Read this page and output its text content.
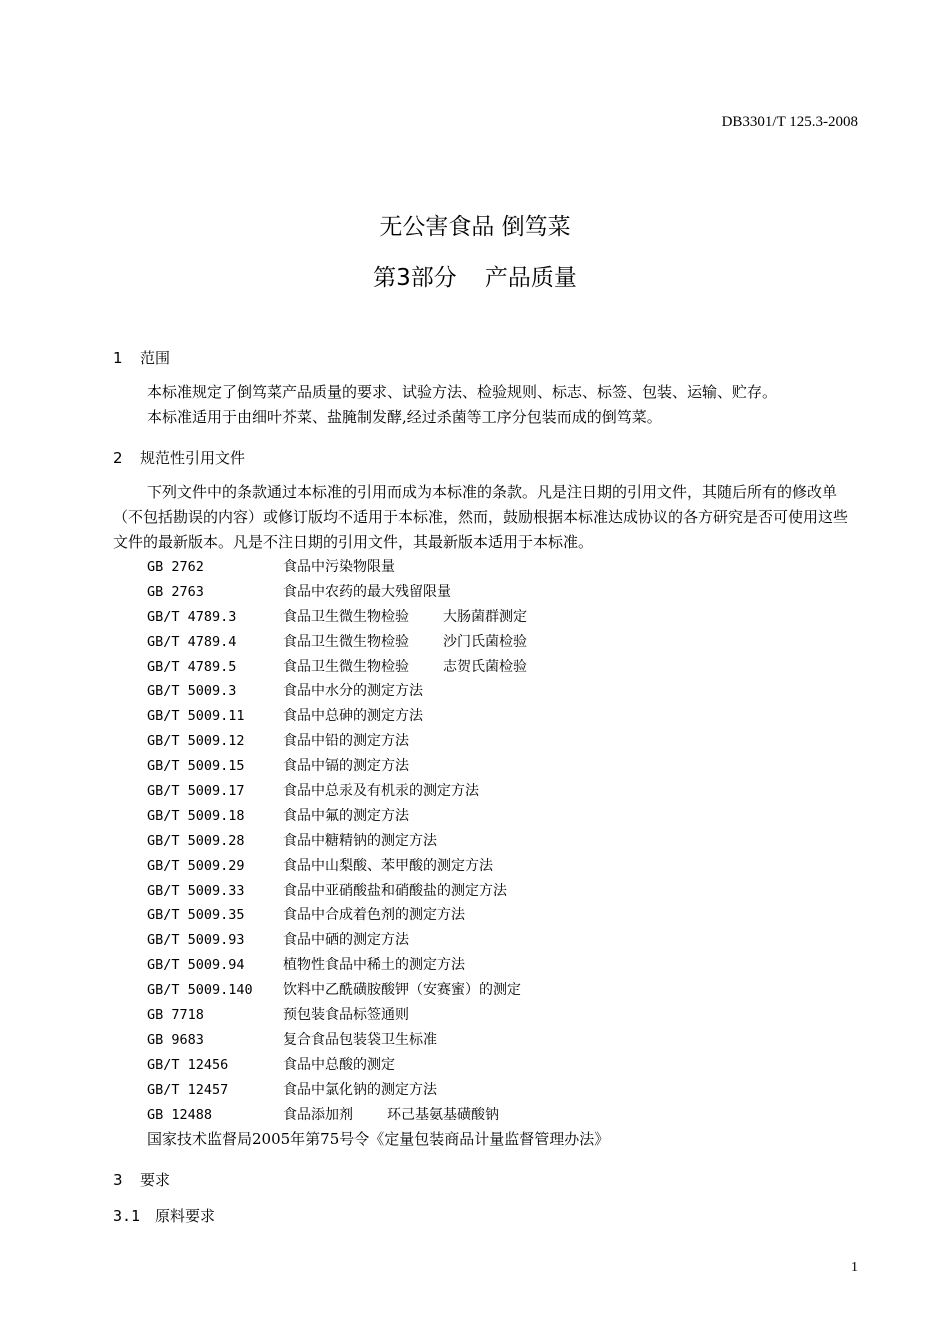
DB3301/T 125.3-2008
无公害食品 倒笃菜
第3部分 产品质量
1 范围
本标准规定了倒笃菜产品质量的要求、试验方法、检验规则、标志、标签、包装、运输、贮存。
本标准适用于由细叶芥菜、盐腌制发酵,经过杀菌等工序分包装而成的倒笃菜。
2 规范性引用文件
下列文件中的条款通过本标准的引用而成为本标准的条款。凡是注日期的引用文件，其随后所有的修改单（不包括勘误的内容）或修订版均不适用于本标准，然而，鼓励根据本标准达成协议的各方研究是否可使用这些文件的最新版本。凡是不注日期的引用文件，其最新版本适用于本标准。
GB 2762	食品中污染物限量
GB 2763	食品中农药的最大残留限量
GB/T 4789.3	食品卫生微生物检验 大肠菌群测定
GB/T 4789.4	食品卫生微生物检验 沙门氏菌检验
GB/T 4789.5	食品卫生微生物检验 志贺氏菌检验
GB/T 5009.3	食品中水分的测定方法
GB/T 5009.11	食品中总砷的测定方法
GB/T 5009.12	食品中铅的测定方法
GB/T 5009.15	食品中镉的测定方法
GB/T 5009.17	食品中总汞及有机汞的测定方法
GB/T 5009.18	食品中氟的测定方法
GB/T 5009.28	食品中糖精钠的测定方法
GB/T 5009.29	食品中山梨酸、苯甲酸的测定方法
GB/T 5009.33	食品中亚硝酸盐和硝酸盐的测定方法
GB/T 5009.35	食品中合成着色剂的测定方法
GB/T 5009.93	食品中硒的测定方法
GB/T 5009.94	植物性食品中稀土的测定方法
GB/T 5009.140 饮料中乙酰磺胺酸钾（安赛蜜）的测定
GB 7718	预包装食品标签通则
GB 9683	复合食品包装袋卫生标准
GB/T 12456	食品中总酸的测定
GB/T 12457	食品中氯化钠的测定方法
GB 12488	食品添加剂 环己基氨基磺酸钠
国家技术监督局2005年第75号令《定量包装商品计量监督管理办法》
3 要求
3.1 原料要求
1
